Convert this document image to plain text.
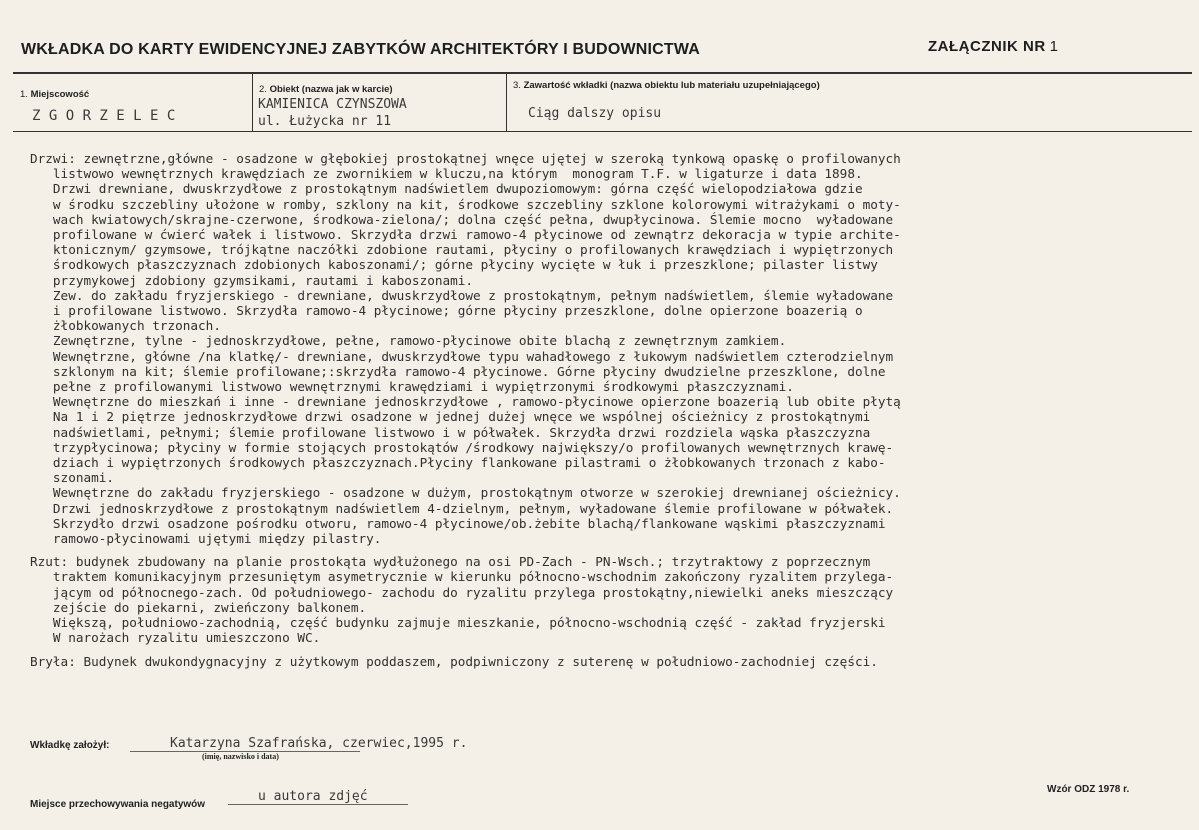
WKŁADKA DO KARTY EWIDENCYJNEJ ZABYTKÓW ARCHITEKTÓRY I BUDOWNICTWA	ZAŁĄCZNIK NR 1
1. Miejscowość
Z G O R Z E L E C
2. Obiekt (nazwa jak w karcie)
KAMIENICA CZYNSZOWA
ul. Łużycka nr 11
3. Zawartość wkładki (nazwa obiektu lub materiału uzupełniającego)
Ciąg dalszy opisu
Drzwi: zewnętrzne,główne - osadzone w głębokiej prostokątnej wnęce ujętej w szeroką tynkową opaskę o profilowanych
listwowo wewnętrznych krawędziach ze zwornikiem w kluczu,na którym  monogram T.F. w ligaturze i data 1898.
Drzwi drewniane, dwuskrzydłowe z prostokątnym nadświetlem dwupoziomowym: górna część wielopodziałowa gdzie
w środku szczebliny ułożone w romby, szklony na kit, środkowe szczebliny szklone kolorowymi witrażykami o moty-
wach kwiatowych/skrajne-czerwone, środkowa-zielona/; dolna część pełna, dwupłycinowa. Ślemie mocno  wyładowane
profilowane w ćwierć wałek i listwowo. Skrzydła drzwi ramowo-4 płycinowe od zewnątrz dekoracja w typie archite-
ktonicznym/ gzymsowe, trójkątne naczółki zdobione rautami, płyciny o profilowanych krawędziach i wypiętrzonych
środkowych płaszczyznach zdobionych kaboszonami/; górne płyciny wycięte w łuk i przeszklone; pilaster listwy
przymykowej zdobiony gzymsikami, rautami i kaboszonami.
Zew. do zakładu fryzjerskiego - drewniane, dwuskrzydłowe z prostokątnym, pełnym nadświetlem, ślemie wyładowane
i profilowane listwowo. Skrzydła ramowo-4 płycinowe; górne płyciny przeszklone, dolne opierzone boazerią o
żłobkowanych trzonach.
Zewnętrzne, tylne - jednoskrzydłowe, pełne, ramowo-płycinowe obite blachą z zewnętrznym zamkiem.
Wewnętrzne, główne /na klatkę/- drewniane, dwuskrzydłowe typu wahadłowego z łukowym nadświetlem czterodzielnym
szklonym na kit; ślemie profilowane;:skrzydła ramowo-4 płycinowe. Górne płyciny dwudzielne przeszklone, dolne
pełne z profilowanymi listwowo wewnętrznymi krawędziami i wypiętrzonymi środkowymi płaszczyznami.
Wewnętrzne do mieszkań i inne - drewniane jednoskrzydłowe , ramowo-płycinowe opierzone boazerią lub obite płytą
Na 1 i 2 piętrze jednoskrzydłowe drzwi osadzone w jednej dużej wnęce we wspólnej ościeżnicy z prostokątnymi
nadświetlami, pełnymi; ślemie profilowane listwowo i w półwałek. Skrzydła drzwi rozdziela wąska płaszczyzna
trzypłycinowa; płyciny w formie stojących prostokątów /środkowy największy/o profilowanych wewnętrznych krawę-
dziach i wypiętrzonych środkowych płaszczyznach.Płyciny flankowane pilastrami o żłobkowanych trzonach z kabo-
szonami.
Wewnętrzne do zakładu fryzjerskiego - osadzone w dużym, prostokątnym otworze w szerokiej drewnianej ościeżnicy.
Drzwi jednoskrzydłowe z prostokątnym nadświetlem 4-dzielnym, pełnym, wyładowane ślemie profilowane w półwałek.
Skrzydło drzwi osadzone pośrodku otworu, ramowo-4 płycinowe/ob.żebite blachą/flankowane wąskimi płaszczyznami
ramowo-płycinowami ujętymi między pilastry.
Rzut: budynek zbudowany na planie prostokąta wydłużonego na osi PD-Zach - PN-Wsch.; trzytraktowy z poprzecznym
traktem komunikacyjnym przesuniętym asymetrycznie w kierunku północno-wschodnim zakończony ryzalitem przylega-
jącym od północnego-zach. Od południowego- zachodu do ryzalitu przylega prostokątny,niewielki aneks mieszczący
zejście do piekarni, zwieńczony balkonem.
Większą, południowo-zachodnią, część budynku zajmuje mieszkanie, północno-wschodnią część - zakład fryzjerski
W narożach ryzalitu umieszczono WC.
Bryła: Budynek dwukondygnacyjny z użytkowym poddaszem, podpiwniczony z suterenę w południowo-zachodniej części.
Wkładkę założył:	Katarzyna Szafrańska, czerwiec,1995 r.
(imię, nazwisko i data)
Miejsce przechowywania negatywów
u autora zdjęć	Wzór ODZ 1978 r.
